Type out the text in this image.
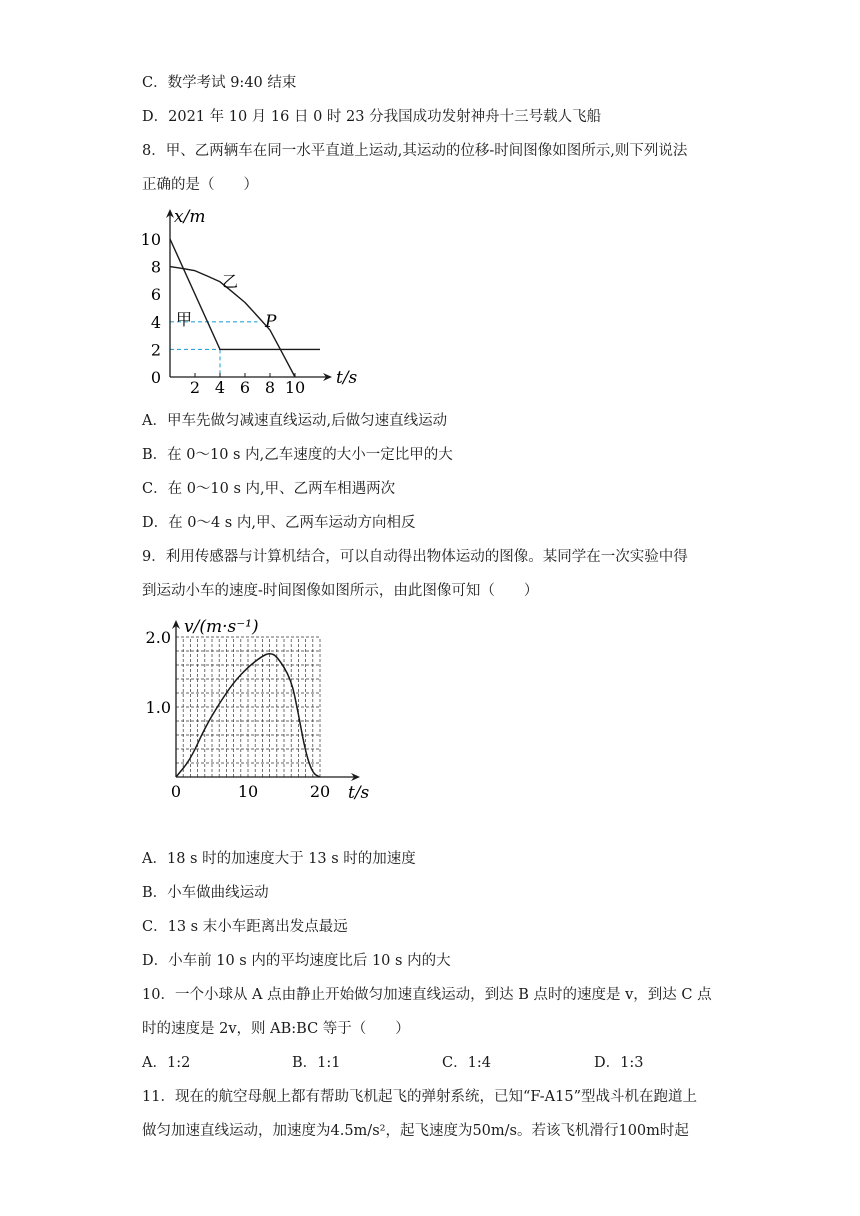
C．数学考试 9:40 结束
D．2021 年 10 月 16 日 0 时 23 分我国成功发射神舟十三号载人飞船
8．甲、乙两辆车在同一水平直道上运动,其运动的位移-时间图像如图所示,则下列说法
正确的是（　　）
2 4 6 8 10
0
2
4
6
8
10
t/s
x/m
甲
乙
P
A．甲车先做匀减速直线运动,后做匀速直线运动
B．在 0～10 s 内,乙车速度的大小一定比甲的大
C．在 0～10 s 内,甲、乙两车相遇两次
D．在 0～4 s 内,甲、乙两车运动方向相反
9．利用传感器与计算机结合，可以自动得出物体运动的图像。某同学在一次实验中得
到运动小车的速度-时间图像如图所示，由此图像可知（　　）
0	10	20
1.0
2.0
t/s
v/(m·s⁻¹)
A．18 s 时的加速度大于 13 s 时的加速度
B．小车做曲线运动
C．13 s 末小车距离出发点最远
D．小车前 10 s 内的平均速度比后 10 s 内的大
10．一个小球从 A 点由静止开始做匀加速直线运动，到达 B 点时的速度是 v，到达 C 点
时的速度是 2v，则 AB:BC 等于（　　）
A．1:2	B．1:1	C．1:4	D．1:3
11．现在的航空母舰上都有帮助飞机起飞的弹射系统，已知“F-A15”型战斗机在跑道上
做匀加速直线运动，加速度为4.5m/s²，起飞速度为50m/s。若该飞机滑行100m时起
